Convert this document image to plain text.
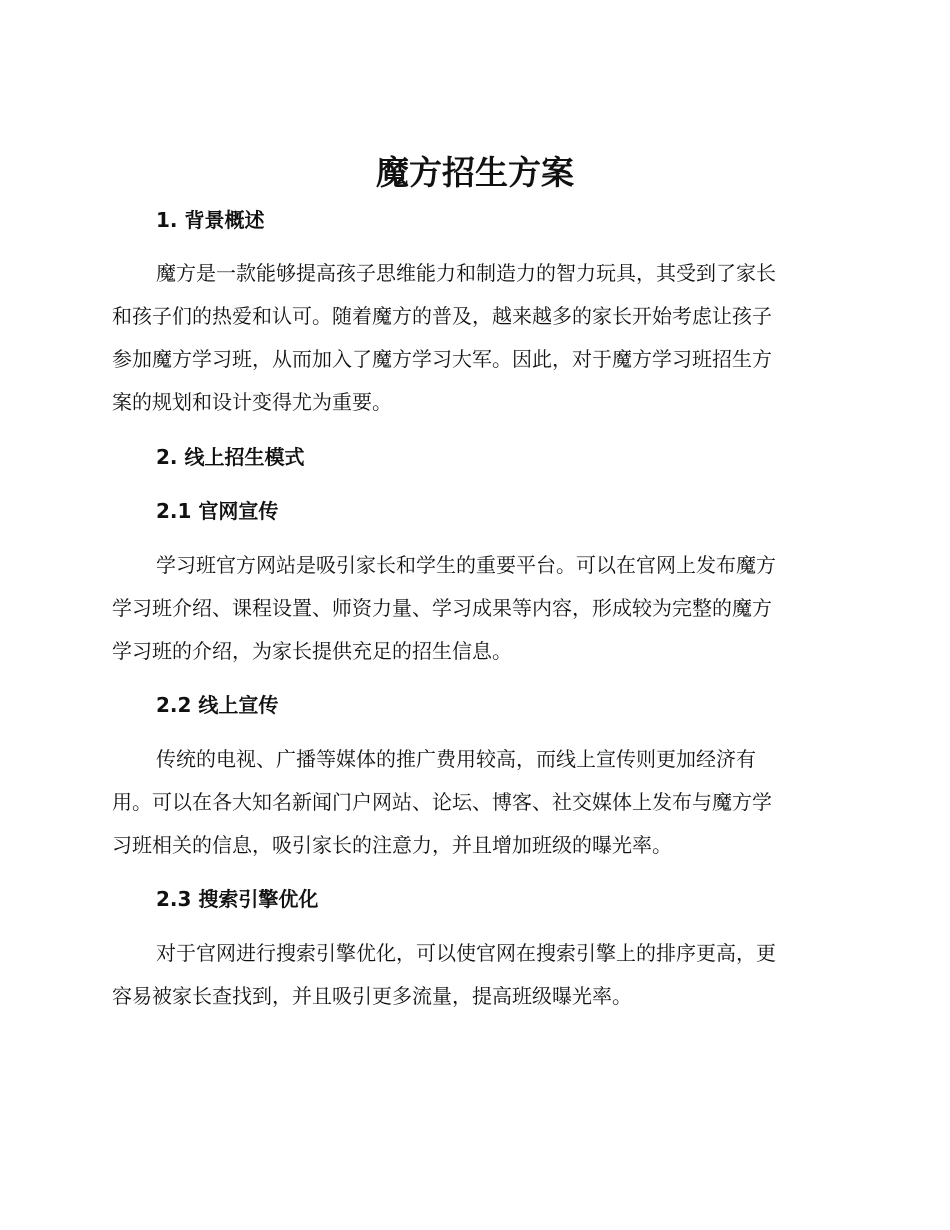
魔方招生方案
1. 背景概述

魔方是一款能够提高孩子思维能力和制造力的智力玩具，其受到了家长
和孩子们的热爱和认可。随着魔方的普及，越来越多的家长开始考虑让孩子
参加魔方学习班，从而加入了魔方学习大军。因此，对于魔方学习班招生方
案的规划和设计变得尤为重要。

2. 线上招生模式
2.1 官网宣传

学习班官方网站是吸引家长和学生的重要平台。可以在官网上发布魔方
学习班介绍、课程设置、师资力量、学习成果等内容，形成较为完整的魔方
学习班的介绍，为家长提供充足的招生信息。

2.2 线上宣传

传统的电视、广播等媒体的推广费用较高，而线上宣传则更加经济有
用。可以在各大知名新闻门户网站、论坛、博客、社交媒体上发布与魔方学
习班相关的信息，吸引家长的注意力，并且增加班级的曝光率。

2.3 搜索引擎优化

对于官网进行搜索引擎优化，可以使官网在搜索引擎上的排序更高，更
容易被家长查找到，并且吸引更多流量，提高班级曝光率。
